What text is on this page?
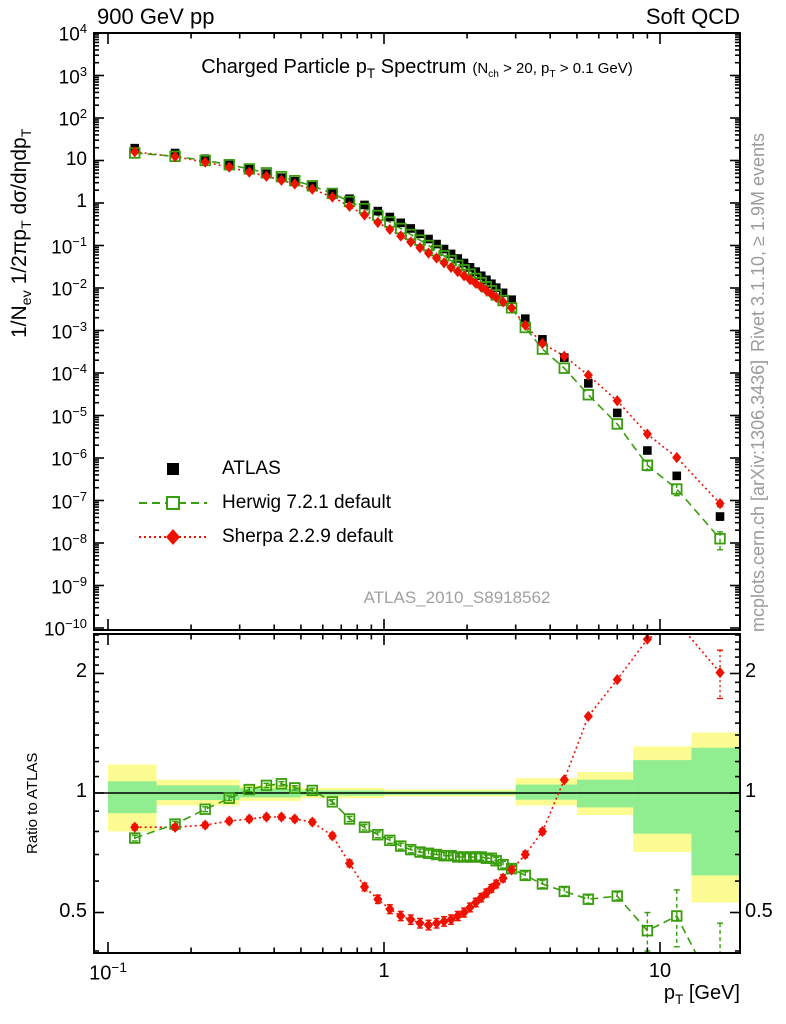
900 GeV pp	Soft QCD
Charged Particle $p_T$ Spectrum ($N_{ch} > 20$, $p_T > 0.1$ GeV)
$1/N_{ev}$ $1/2\pi p_T$ dσ/dηdp$_T$
Ratio to ATLAS
Rivet 3.1.10, ≥ 1.9M events
mcplots.cern.ch [arXiv:1306.3436]
ATLAS_2010_S8918562
ATLAS
Herwig 7.2.1 default
Sherpa 2.2.9 default
$p_T$ [GeV]
$10^4$
$10^3$
$10^2$
10
1
$10^{-1}$
$10^{-2}$
$10^{-3}$
$10^{-4}$
$10^{-5}$
$10^{-6}$
$10^{-7}$
$10^{-8}$
$10^{-9}$
$10^{-10}$
$10^{-1}$	1	10
2	2
1	1
0.5	0.5
